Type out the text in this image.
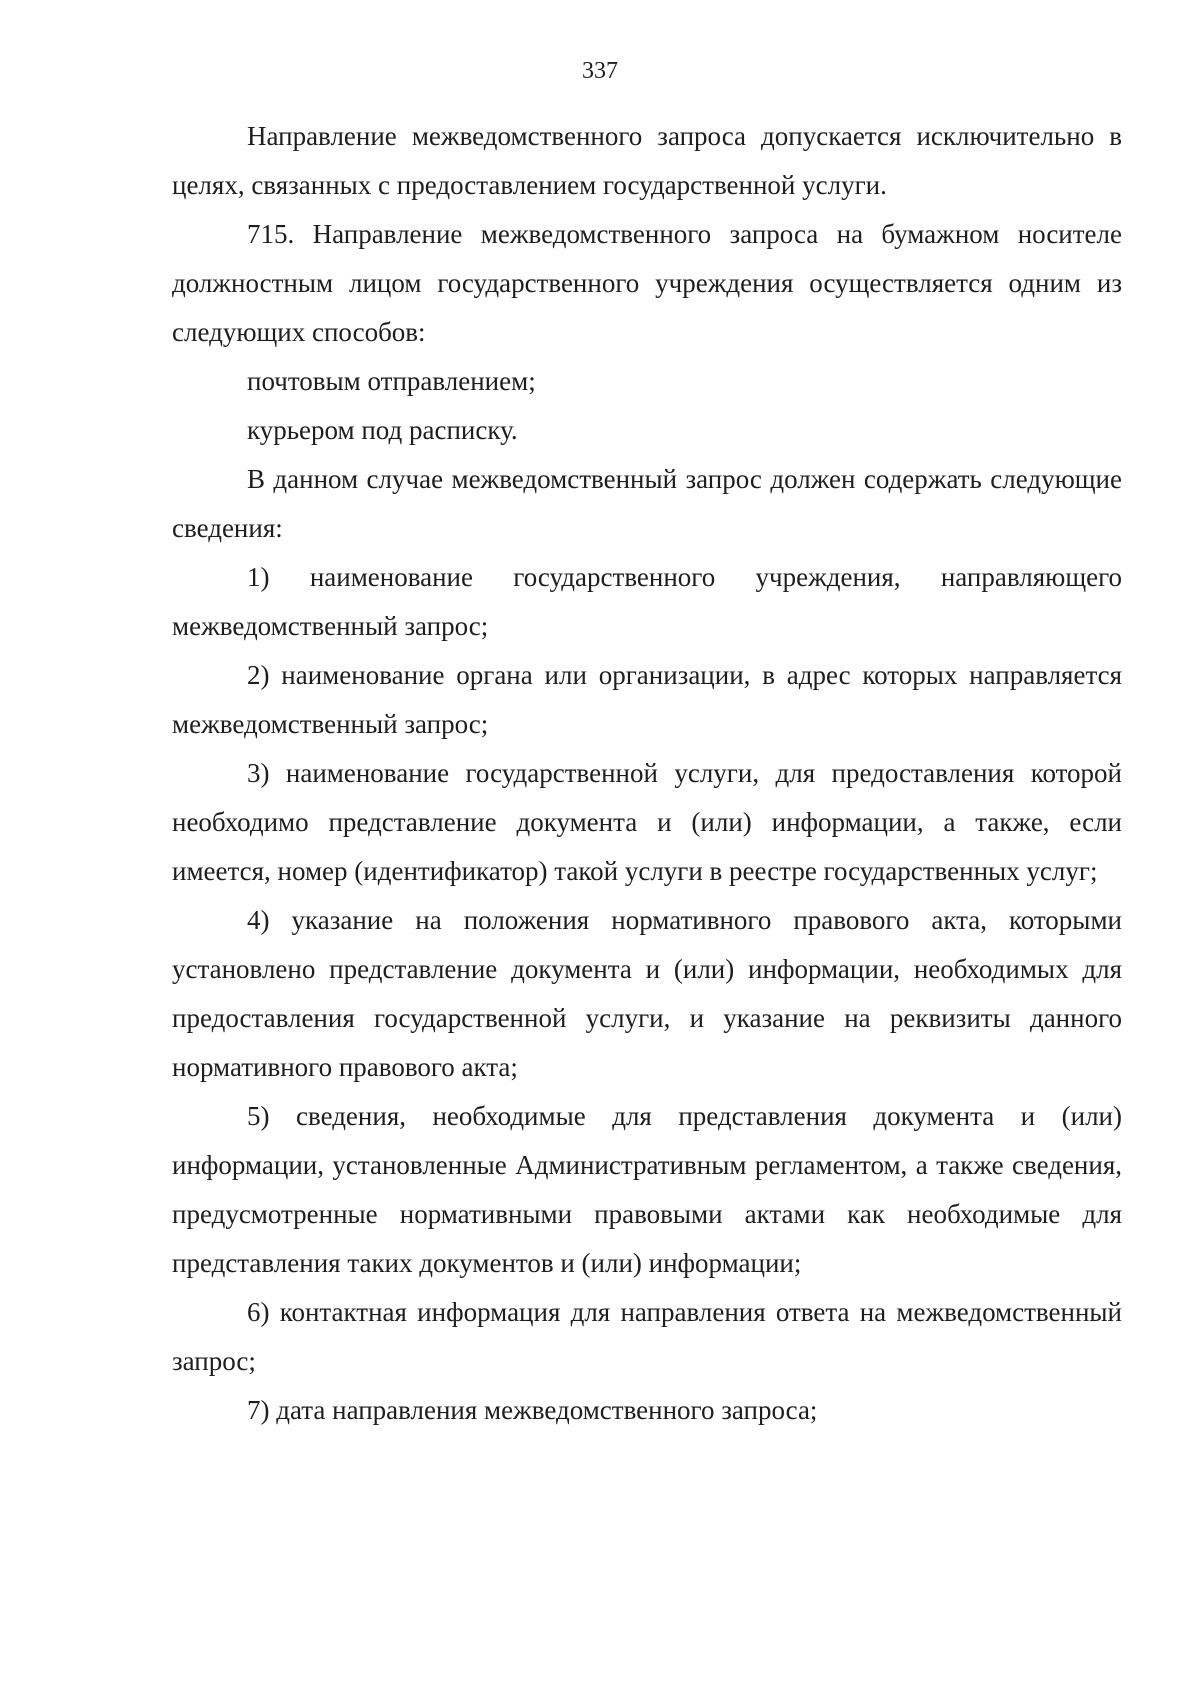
337

Направление межведомственного запроса допускается исключительно в целях, связанных с предоставлением государственной услуги.

715. Направление межведомственного запроса на бумажном носителе должностным лицом государственного учреждения осуществляется одним из следующих способов:

почтовым отправлением;

курьером под расписку.

В данном случае межведомственный запрос должен содержать следующие сведения:

1) наименование государственного учреждения, направляющего межведомственный запрос;

2) наименование органа или организации, в адрес которых направляется межведомственный запрос;

3) наименование государственной услуги, для предоставления которой необходимо представление документа и (или) информации, а также, если имеется, номер (идентификатор) такой услуги в реестре государственных услуг;

4) указание на положения нормативного правового акта, которыми установлено представление документа и (или) информации, необходимых для предоставления государственной услуги, и указание на реквизиты данного нормативного правового акта;

5) сведения, необходимые для представления документа и (или) информации, установленные Административным регламентом, а также сведения, предусмотренные нормативными правовыми актами как необходимые для представления таких документов и (или) информации;

6) контактная информация для направления ответа на межведомственный запрос;

7) дата направления межведомственного запроса;
